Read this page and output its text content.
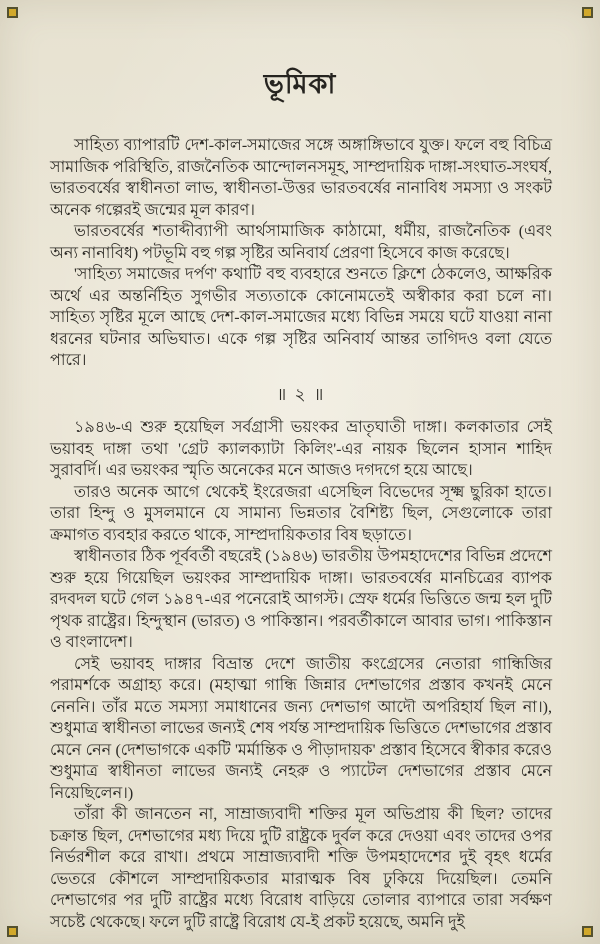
ভূমিকা

সাহিত্য ব্যাপারটি দেশ-কাল-সমাজের সঙ্গে অঙ্গাঙ্গিভাবে যুক্ত। ফলে বহু বিচিত্র সামাজিক পরিস্থিতি, রাজনৈতিক আন্দোলনসমূহ, সাম্প্রদায়িক দাঙ্গা-সংঘাত-সংঘর্ষ, ভারতবর্ষের স্বাধীনতা লাভ, স্বাধীনতা-উত্তর ভারতবর্ষের নানাবিধ সমস্যা ও সংকট অনেক গল্পেরই জন্মের মূল কারণ।

ভারতবর্ষের শতাব্দীব্যাপী আর্থসামাজিক কাঠামো, ধর্মীয়, রাজনৈতিক (এবং অন্য নানাবিধ) পটভূমি বহু গল্প সৃষ্টির অনিবার্য প্রেরণা হিসেবে কাজ করেছে।

'সাহিত্য সমাজের দর্পণ' কথাটি বহু ব্যবহারে শুনতে ক্লিশে ঠেকলেও, আক্ষরিক অর্থে এর অন্তর্নিহিত সুগভীর সত্যতাকে কোনোমতেই অস্বীকার করা চলে না। সাহিত্য সৃষ্টির মূলে আছে দেশ-কাল-সমাজের মধ্যে বিভিন্ন সময়ে ঘটে যাওয়া নানা ধরনের ঘটনার অভিঘাত। একে গল্প সৃষ্টির অনিবার্য আন্তর তাগিদও বলা যেতে পারে।

॥ ২ ॥

১৯৪৬-এ শুরু হয়েছিল সর্বগ্রাসী ভয়ংকর ভ্রাতৃঘাতী দাঙ্গা। কলকাতার সেই ভয়াবহ দাঙ্গা তথা 'গ্রেট ক্যালক্যাটা কিলিং'-এর নায়ক ছিলেন হাসান শাহিদ সুরাবর্দি। এর ভয়ংকর স্মৃতি অনেকের মনে আজও দগদগে হয়ে আছে।

তারও অনেক আগে থেকেই ইংরেজরা এসেছিল বিভেদের সূক্ষ্ম ছুরিকা হাতে। তারা হিন্দু ও মুসলমানে যে সামান্য ভিন্নতার বৈশিষ্ট্য ছিল, সেগুলোকে তারা ক্রমাগত ব্যবহার করতে থাকে, সাম্প্রদায়িকতার বিষ ছড়াতে।

স্বাধীনতার ঠিক পূর্ববর্তী বছরেই (১৯৪৬) ভারতীয় উপমহাদেশের বিভিন্ন প্রদেশে শুরু হয়ে গিয়েছিল ভয়ংকর সাম্প্রদায়িক দাঙ্গা। ভারতবর্ষের মানচিত্রের ব্যাপক রদবদল ঘটে গেল ১৯৪৭-এর পনেরোই আগস্ট। স্রেফ ধর্মের ভিত্তিতে জন্ম হল দুটি পৃথক রাষ্ট্রের। হিন্দুস্থান (ভারত) ও পাকিস্তান। পরবর্তীকালে আবার ভাগ। পাকিস্তান ও বাংলাদেশ।

সেই ভয়াবহ দাঙ্গার বিভ্রান্ত দেশে জাতীয় কংগ্রেসের নেতারা গান্ধিজির পরামর্শকে অগ্রাহ্য করে। (মহাত্মা গান্ধি জিন্নার দেশভাগের প্রস্তাব কখনই মেনে নেননি। তাঁর মতে সমস্যা সমাধানের জন্য দেশভাগ আদৌ অপরিহার্য ছিল না।), শুধুমাত্র স্বাধীনতা লাভের জন্যই শেষ পর্যন্ত সাম্প্রদায়িক ভিত্তিতে দেশভাগের প্রস্তাব মেনে নেন (দেশভাগকে একটি 'মর্মান্তিক ও পীড়াদায়ক' প্রস্তাব হিসেবে স্বীকার করেও শুধুমাত্র স্বাধীনতা লাভের জন্যই নেহরু ও প্যাটেল দেশভাগের প্রস্তাব মেনে নিয়েছিলেন।)

তাঁরা কী জানতেন না, সাম্রাজ্যবাদী শক্তির মূল অভিপ্রায় কী ছিল? তাদের চক্রান্ত ছিল, দেশভাগের মধ্য দিয়ে দুটি রাষ্ট্রকে দুর্বল করে দেওয়া এবং তাদের ওপর নির্ভরশীল করে রাখা। প্রথমে সাম্রাজ্যবাদী শক্তি উপমহাদেশের দুই বৃহৎ ধর্মের ভেতরে কৌশলে সাম্প্রদায়িকতার মারাত্মক বিষ ঢুকিয়ে দিয়েছিল। তেমনি দেশভাগের পর দুটি রাষ্ট্রের মধ্যে বিরোধ বাড়িয়ে তোলার ব্যাপারে তারা সর্বক্ষণ সচেষ্ট থেকেছে। ফলে দুটি রাষ্ট্রে বিরোধ যে-ই প্রকট হয়েছে, অমনি দুই
